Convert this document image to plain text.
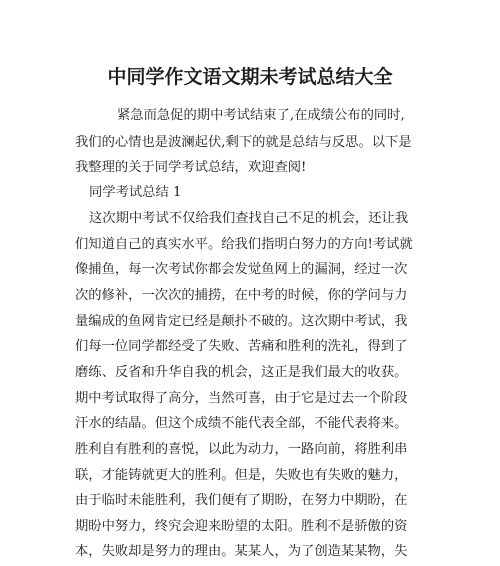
中同学作文语文期未考试总结大全
紧急而急促的期中考试结束了,在成绩公布的同时,
我们的心情也是波澜起伏,剩下的就是总结与反思。以下是
我整理的关于同学考试总结，欢迎查阅!
同学考试总结 1
这次期中考试不仅给我们查找自己不足的机会，还让我
们知道自己的真实水平。给我们指明白努力的方向!考试就
像捕鱼，每一次考试你都会发觉鱼网上的漏洞，经过一次
次的修补，一次次的捕捞，在中考的时候，你的学问与力
量编成的鱼网肯定已经是颠扑不破的。这次期中考试，我
们每一位同学都经受了失败、苦痛和胜利的洗礼，得到了
磨练、反省和升华自我的机会，这正是我们最大的收获。
期中考试取得了高分，当然可喜，由于它是过去一个阶段
汗水的结晶。但这个成绩不能代表全部，不能代表将来。
胜利自有胜利的喜悦，以此为动力，一路向前，将胜利串
联，才能铸就更大的胜利。但是，失败也有失败的魅力，
由于临时未能胜利，我们便有了期盼，在努力中期盼，在
期盼中努力，终究会迎来盼望的太阳。胜利不是骄傲的资
本，失败却是努力的理由。某某人，为了创造某某物，失
